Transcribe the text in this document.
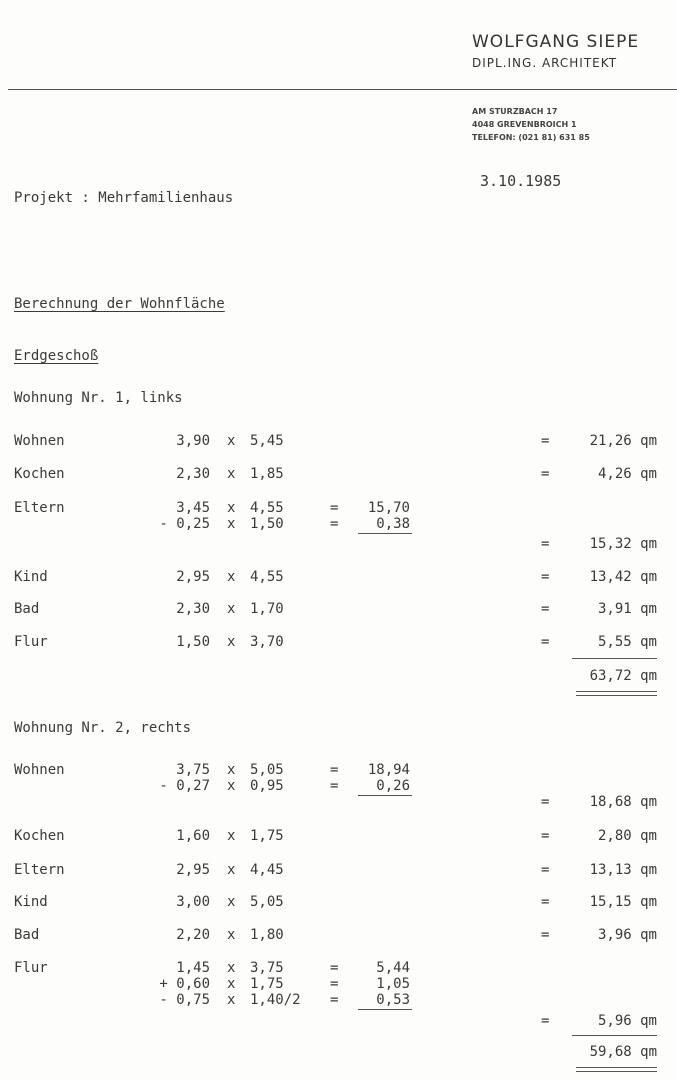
WOLFGANG SIEPE
DIPL.ING. ARCHITEKT
AM STURZBACH 17
4048 GREVENBROICH 1
TELEFON: (021 81) 631 85
3.10.1985
Projekt : Mehrfamilienhaus
Berechnung der Wohnfläche
Erdgeschoß
Wohnung Nr. 1, links
Wohnen	3,90 x 5,45	=	21,26 qm
Kochen	2,30 x 1,85	=	4,26 qm
Eltern	3,45 x 4,55	=	15,70
- 0,25 x 1,50	=	0,38
=	15,32 qm
Kind	2,95 x 4,55	=	13,42 qm
Bad	2,30 x 1,70	=	3,91 qm
Flur	1,50 x 3,70	=	5,55 qm
63,72 qm
Wohnung Nr. 2, rechts
Wohnen	3,75 x 5,05	=	18,94
- 0,27 x 0,95	=	0,26
=	18,68 qm
Kochen	1,60 x 1,75	=	2,80 qm
Eltern	2,95 x 4,45	=	13,13 qm
Kind	3,00 x 5,05	=	15,15 qm
Bad	2,20 x 1,80	=	3,96 qm
Flur	1,45 x 3,75	=	5,44
+ 0,60 x 1,75	=	1,05
- 0,75 x 1,40/2 =	0,53
=	5,96 qm
59,68 qm
